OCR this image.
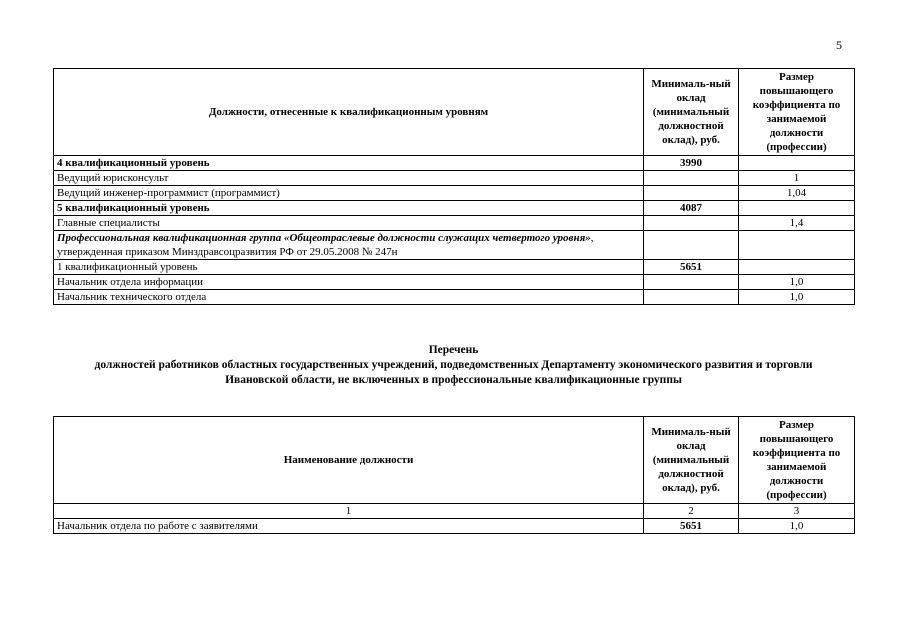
5
Должности, отнесенные к квалификационным уровням	Минималь-ный оклад (минимальный должностной оклад), руб.	Размер повышающего коэффициента по занимаемой должности (профессии)
4 квалификационный уровень	3990	
Ведущий юрисконсульт		1
Ведущий инженер-программист (программист)		1,04
5 квалификационный уровень	4087	
Главные специалисты		1,4
Профессиональная квалификационная группа «Общеотраслевые должности служащих четвертого уровня», утвержденная приказом Минздравсоцразвития РФ от 29.05.2008 № 247н		
1 квалификационный уровень	5651	
Начальник отдела информации		1,0
Начальник технического отдела		1,0
Перечень
должностей работников областных государственных учреждений, подведомственных Департаменту экономического развития и торговли Ивановской области, не включенных в профессиональные квалификационные группы
Наименование должности	Минималь-ный оклад (минимальный должностной оклад), руб.	Размер повышающего коэффициента по занимаемой должности (профессии)
1	2	3
Начальник отдела по работе с заявителями	5651	1,0
